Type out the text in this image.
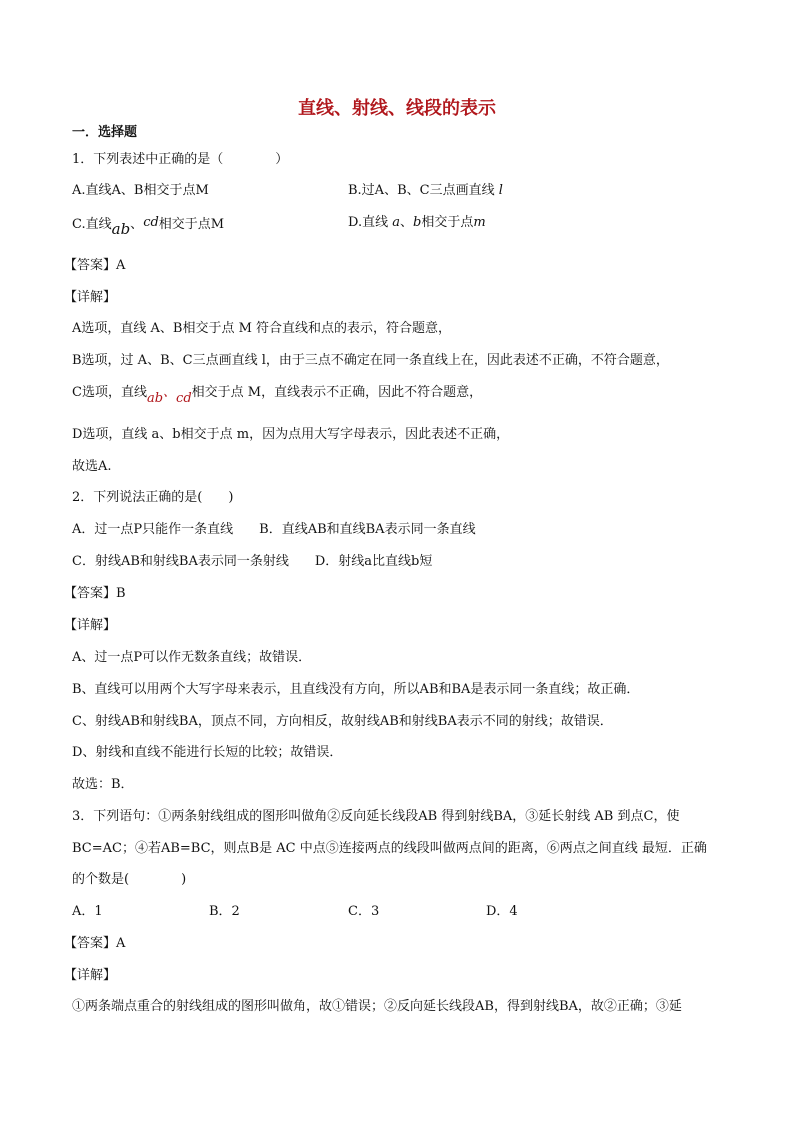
直线、射线、线段的表示
一．选择题
1．下列表述中正确的是（　　　　）
A.直线A、B相交于点M	B.过A、B、C三点画直线 l
C.直线ab、cd相交于点M	D.直线 a、b相交于点m
【答案】A
【详解】
A选项，直线 A、B相交于点 M 符合直线和点的表示，符合题意，
B选项，过 A、B、C三点画直线 l，由于三点不确定在同一条直线上在，因此表述不正确，不符合题意，
C选项，直线ab、cd相交于点 M，直线表示不正确，因此不符合题意，
D选项，直线 a、b相交于点 m，因为点用大写字母表示，因此表述不正确，
故选A.
2．下列说法正确的是(　　)
A．过一点P只能作一条直线　　B．直线AB和直线BA表示同一条直线
C．射线AB和射线BA表示同一条射线　　D．射线a比直线b短
【答案】B
【详解】
A、过一点P可以作无数条直线；故错误．
B、直线可以用两个大写字母来表示，且直线没有方向，所以AB和BA是表示同一条直线；故正确．
C、射线AB和射线BA，顶点不同，方向相反，故射线AB和射线BA表示不同的射线；故错误．
D、射线和直线不能进行长短的比较；故错误．
故选：B．
3．下列语句：①两条射线组成的图形叫做角②反向延长线段AB 得到射线BA，③延长射线 AB 到点C，使
BC=AC；④若AB=BC，则点B是 AC 中点⑤连接两点的线段叫做两点间的距离，⑥两点之间直线 最短．正确
的个数是(　　　　)
A．1	B．2	C．3	D．4
【答案】A
【详解】
①两条端点重合的射线组成的图形叫做角，故①错误；②反向延长线段AB，得到射线BA，故②正确；③延
